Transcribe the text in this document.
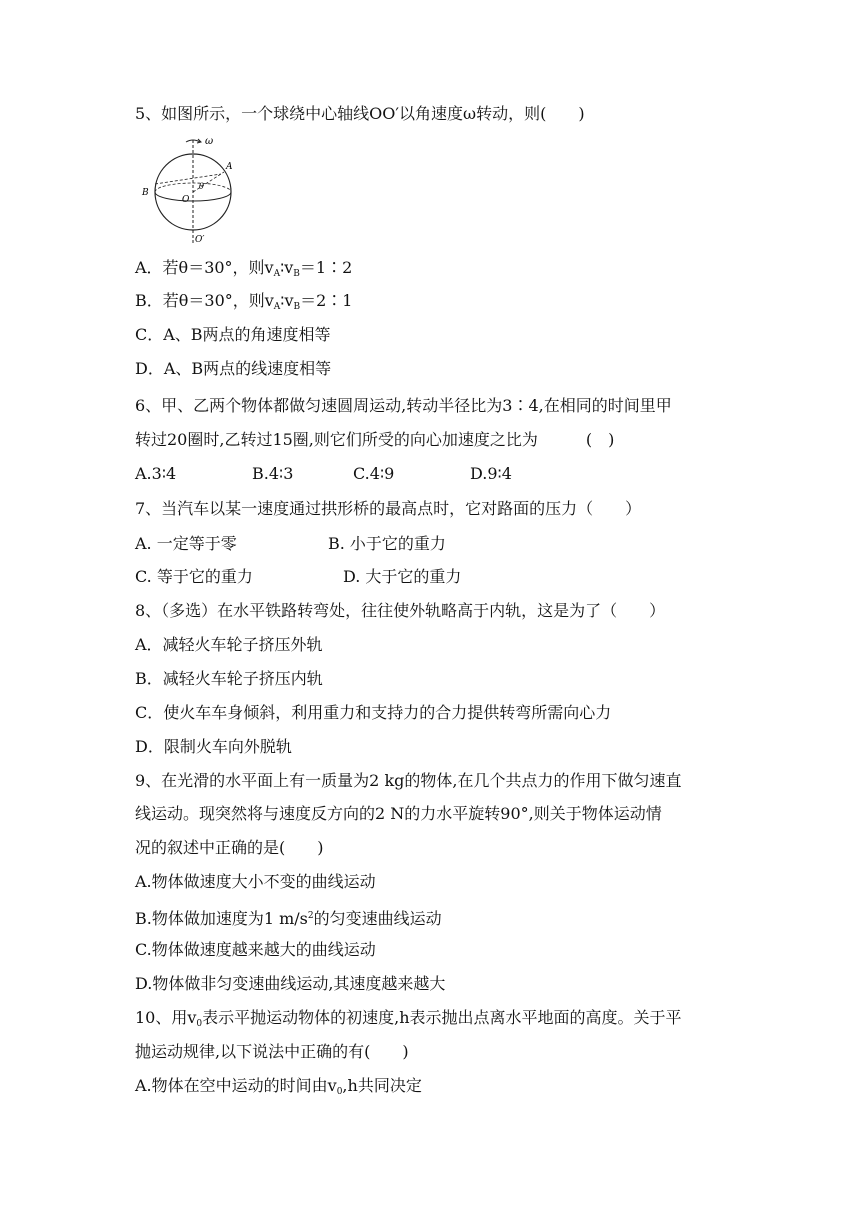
5、如图所示，一个球绕中心轴线OO′以角速度ω转动，则(　　)
ω
A
B
O
θ
O′
A．若θ＝30°，则$v_A∶v_B=1∶2$
B．若θ＝30°，则$v_A∶v_B=2∶1$
C．A、B两点的角速度相等
D．A、B两点的线速度相等
6、甲、乙两个物体都做匀速圆周运动,转动半径比为3∶4,在相同的时间里甲
转过20圈时,乙转过15圈,则它们所受的向心加速度之比为　　　(　)
A.3∶4	B.4∶3	C.4∶9	D.9∶4
7、当汽车以某一速度通过拱形桥的最高点时，它对路面的压力（　　）
A. 一定等于零	B. 小于它的重力
C. 等于它的重力	D. 大于它的重力
8、（多选）在水平铁路转弯处，往往使外轨略高于内轨，这是为了（　　）
A．减轻火车轮子挤压外轨
B．减轻火车轮子挤压内轨
C．使火车车身倾斜，利用重力和支持力的合力提供转弯所需向心力
D．限制火车向外脱轨
9、在光滑的水平面上有一质量为2 kg的物体,在几个共点力的作用下做匀速直
线运动。现突然将与速度反方向的2 N的力水平旋转90°,则关于物体运动情
况的叙述中正确的是(　　)
A.物体做速度大小不变的曲线运动
B.物体做加速度为1 $m/s^2$的匀变速曲线运动
C.物体做速度越来越大的曲线运动
D.物体做非匀变速曲线运动,其速度越来越大
10、用$v_0$表示平抛运动物体的初速度,h表示抛出点离水平地面的高度。关于平
抛运动规律,以下说法中正确的有(　　)
A.物体在空中运动的时间由$v_0,h$共同决定
